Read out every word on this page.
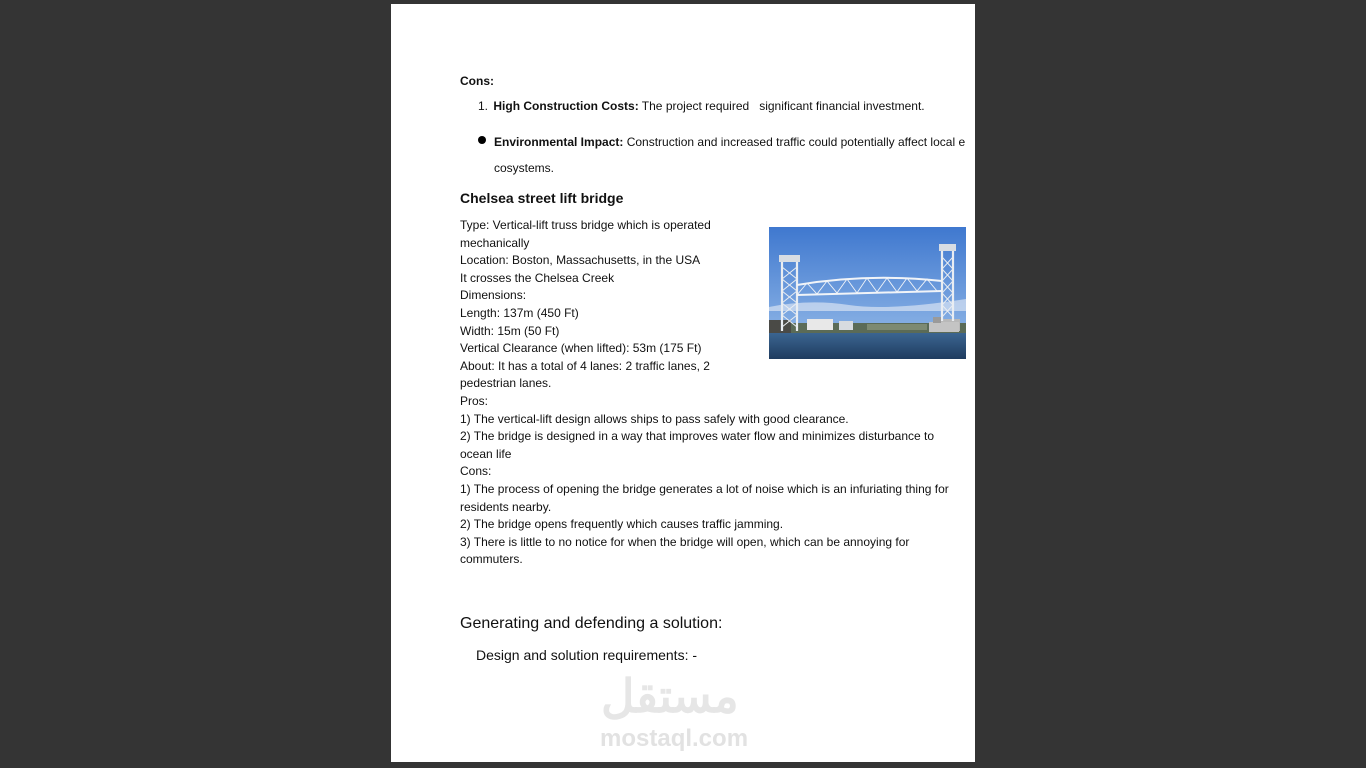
Cons:
1. High Construction Costs: The project required   significant financial investment.
Environmental Impact: Construction and increased traffic could potentially affect local e
cosystems.
Chelsea street lift bridge
Type: Vertical-lift truss bridge which is operated
mechanically
Location: Boston, Massachusetts, in the USA
It crosses the Chelsea Creek
Dimensions:
Length: 137m (450 Ft)
Width: 15m (50 Ft)
Vertical Clearance (when lifted): 53m (175 Ft)
About: It has a total of 4 lanes: 2 traffic lanes, 2
pedestrian lanes.
Pros:
1) The vertical-lift design allows ships to pass safely with good clearance.
2) The bridge is designed in a way that improves water flow and minimizes disturbance to
ocean life
Cons:
1) The process of opening the bridge generates a lot of noise which is an infuriating thing for
residents nearby.
2) The bridge opens frequently which causes traffic jamming.
3) There is little to no notice for when the bridge will open, which can be annoying for
commuters.
Generating and defending a solution:
Design and solution requirements: -
مستقل
mostaql.com
